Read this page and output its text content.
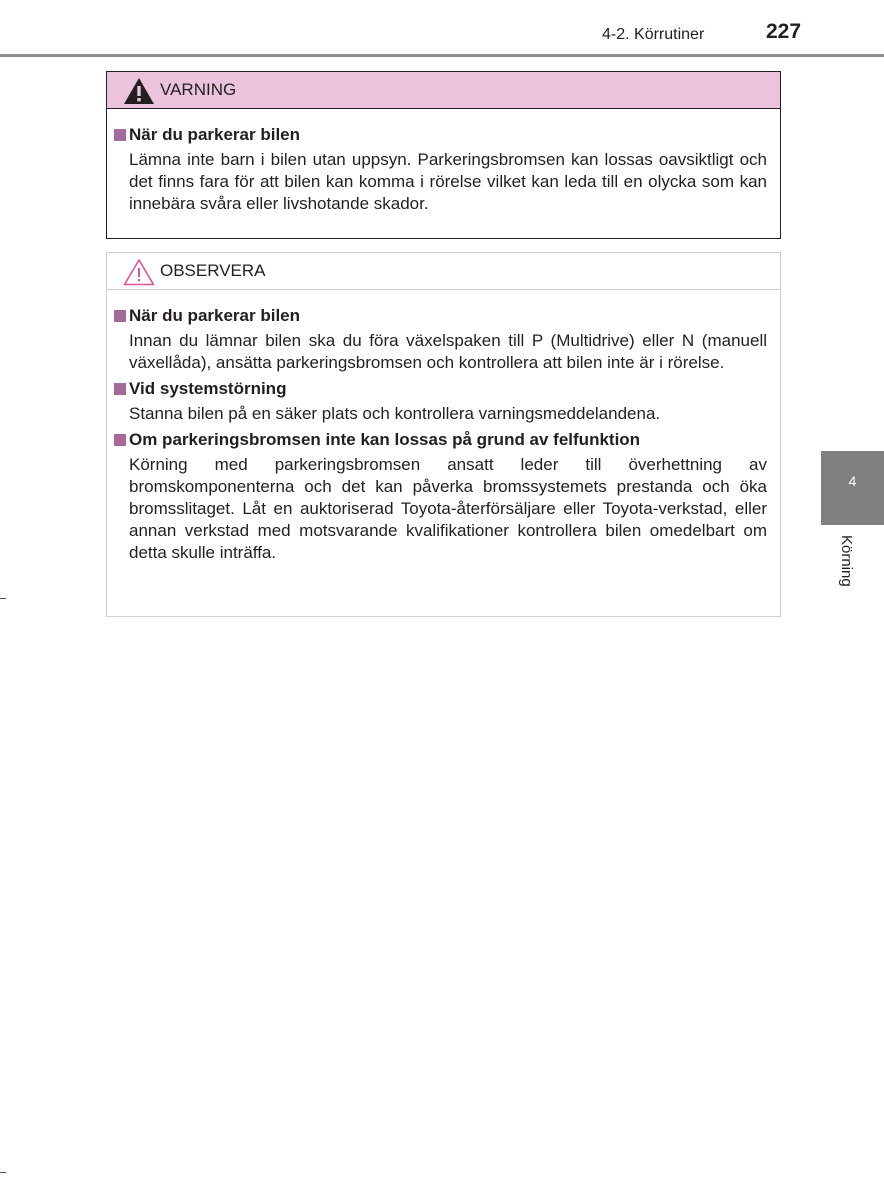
4-2. Körrutiner	227
VARNING
När du parkerar bilen
Lämna inte barn i bilen utan uppsyn. Parkeringsbromsen kan lossas oavsiktligt och det finns fara för att bilen kan komma i rörelse vilket kan leda till en olycka som kan innebära svåra eller livshotande skador.
OBSERVERA
När du parkerar bilen
Innan du lämnar bilen ska du föra växelspaken till P (Multidrive) eller N (manuell växellåda), ansätta parkeringsbromsen och kontrollera att bilen inte är i rörelse.
Vid systemstörning
Stanna bilen på en säker plats och kontrollera varningsmeddelandena.
Om parkeringsbromsen inte kan lossas på grund av felfunktion
Körning med parkeringsbromsen ansatt leder till överhettning av bromskomponenterna och det kan påverka bromssystemets prestanda och öka bromsslitaget. Låt en auktoriserad Toyota-återförsäljare eller Toyota-verkstad, eller annan verkstad med motsvarande kvalifikationer kontrollera bilen omedelbart om detta skulle inträffa.
4
Körning
